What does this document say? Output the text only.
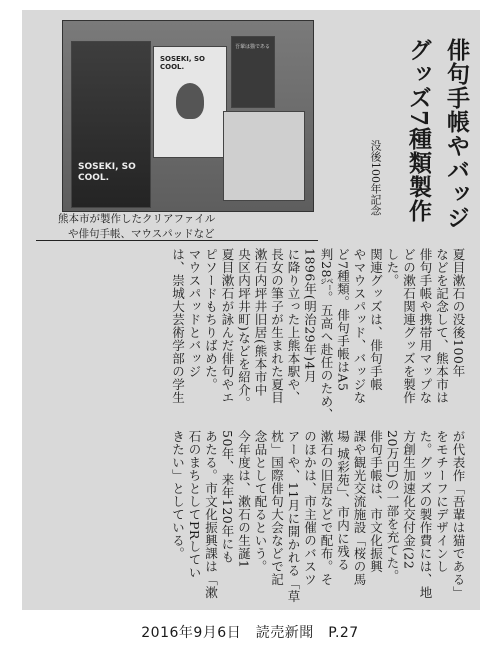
SOSEKI, SO COOL.
SOSEKI, SO COOL.
吾輩は猫である
熊本市が製作したクリアファイル
や俳句手帳、マウスパッドなど
俳句手帳やバッジ
グッズ7種類製作
没後100年記念
夏目漱石の没後100年
などを記念して、熊本市は
俳句手帳や携帯用マップな
どの漱石関連グッズを製作
した。
関連グッズは、俳句手帳
やマウスパッド、バッジな
ど7種類。俳句手帳はA5
判28㌻。五高へ赴任のため、
1896年(明治29年)4月
に降り立った上熊本駅や、
長女の筆子が生まれた夏目
漱石内坪井旧居(熊本市中
央区内坪井町)などを紹介。
夏目漱石が詠んだ俳句やエ
ピソードもちりばめた。
マウスパッドとバッジ
は、崇城大芸術学部の学生
が代表作「吾輩は猫である」
をモチーフにデザインし
た。グッズの製作費には、地
方創生加速化交付金(22
20万円)の一部を充てた。
俳句手帳は、市文化振興
課や観光交流施設「桜の馬
場 城彩苑」、市内に残る
漱石の旧居などで配布。そ
のほかは、市主催のバスツ
アーや、11月に開かれる「草
枕」国際俳句大会などで記
念品として配るという。
今年度は、漱石の生誕1
50年、来年120年にも
あたる。市文化振興課は「漱
石のまちとしてPRしてい
きたい」としている。
2016年9月6日　読売新聞　P.27
